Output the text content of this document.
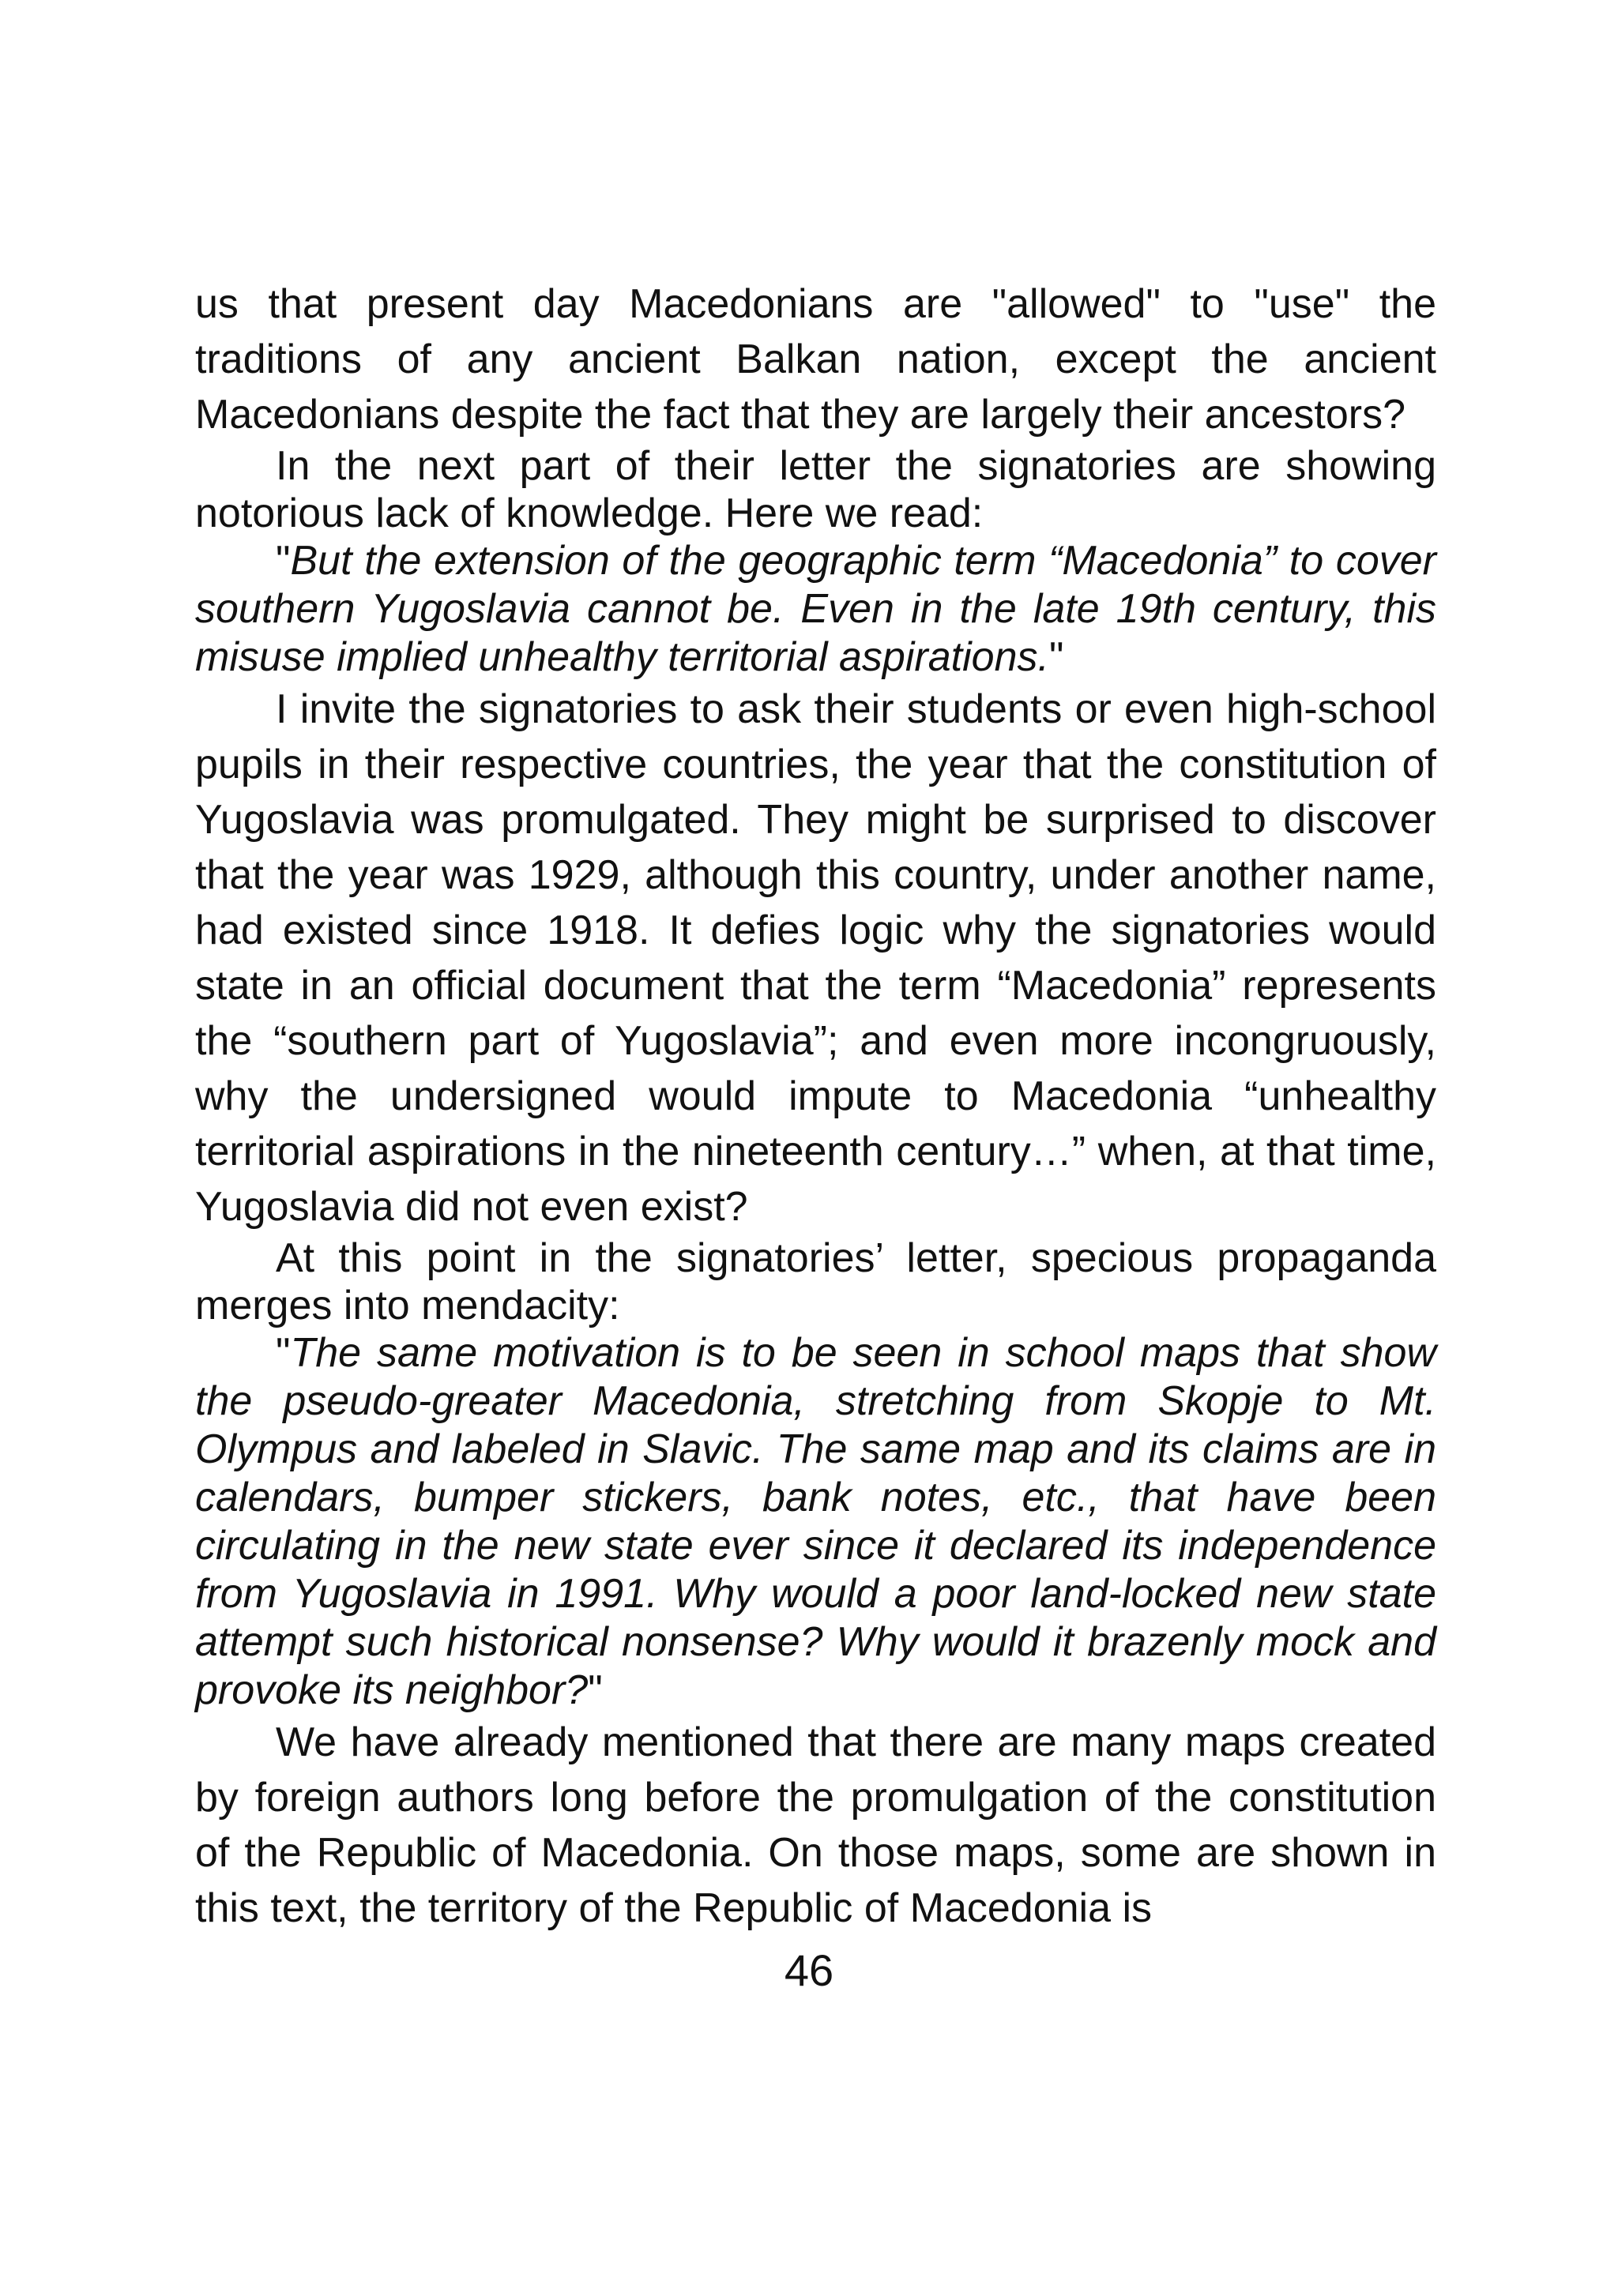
us that present day Macedonians are "allowed" to "use" the traditions of any ancient Balkan nation, except the ancient Macedonians despite the fact that they are largely their ancestors?

In the next part of their letter the signatories are showing notorious lack of knowledge. Here we read:

"But the extension of the geographic term “Macedonia” to cover southern Yugoslavia cannot be. Even in the late 19th century, this misuse implied unhealthy territorial aspirations."

I invite the signatories to ask their students or even high-school pupils in their respective countries, the year that the constitution of Yugoslavia was promulgated. They might be surprised to discover that the year was 1929, although this country, under another name, had existed since 1918. It defies logic why the signatories would state in an official document that the term “Macedonia” represents the “southern part of Yugoslavia”; and even more incongruously, why the undersigned would impute to Macedonia “unhealthy territorial aspirations in the nineteenth century…” when, at that time, Yugoslavia did not even exist?

At this point in the signatories’ letter, specious propaganda merges into mendacity:

"The same motivation is to be seen in school maps that show the pseudo-greater Macedonia, stretching from Skopje to Mt. Olympus and labeled in Slavic. The same map and its claims are in calendars, bumper stickers, bank notes, etc., that have been circulating in the new state ever since it declared its independence from Yugoslavia in 1991. Why would a poor land-locked new state attempt such historical nonsense? Why would it brazenly mock and provoke its neighbor?"

We have already mentioned that there are many maps created by foreign authors long before the promulgation of the constitution of the Republic of Macedonia. On those maps, some are shown in this text, the territory of the Republic of Macedonia is

46
